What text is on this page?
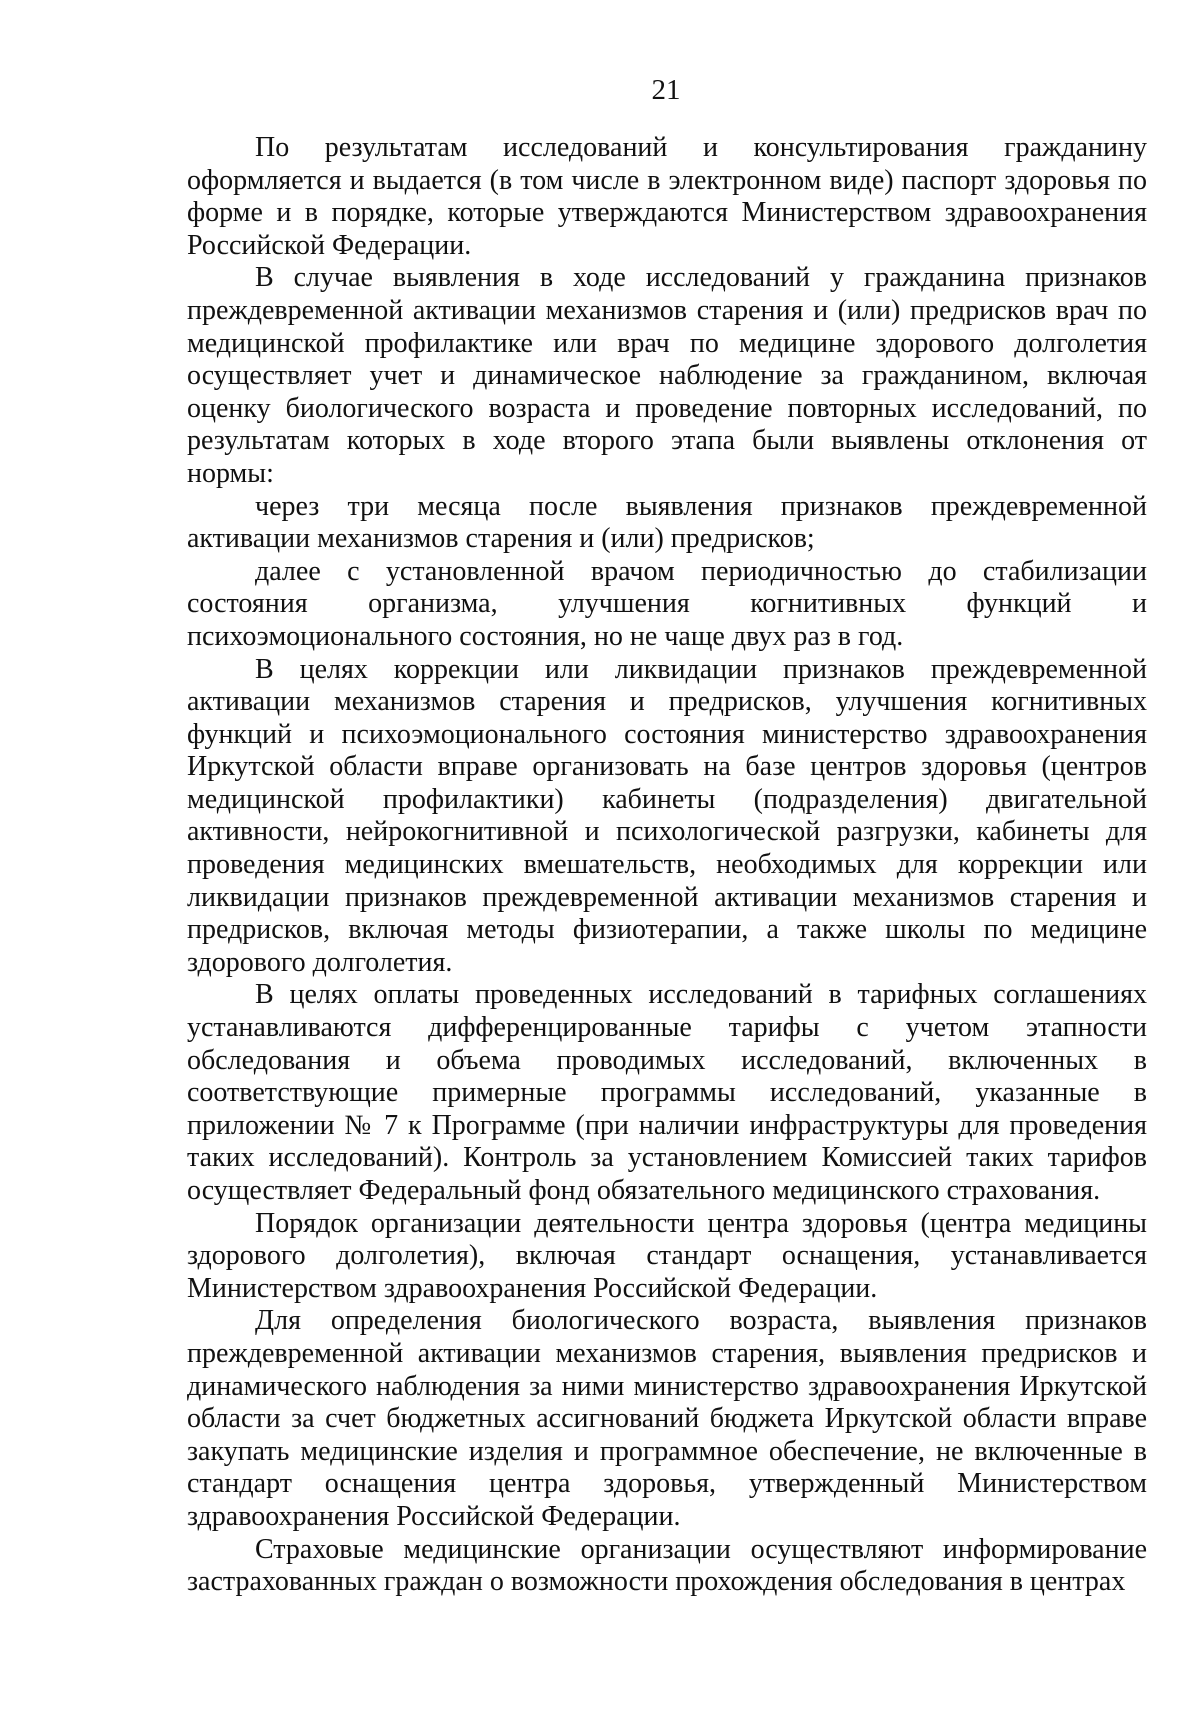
21

По результатам исследований и консультирования гражданину оформляется и выдается (в том числе в электронном виде) паспорт здоровья по форме и в порядке, которые утверждаются Министерством здравоохранения Российской Федерации.

В случае выявления в ходе исследований у гражданина признаков преждевременной активации механизмов старения и (или) предрисков врач по медицинской профилактике или врач по медицине здорового долголетия осуществляет учет и динамическое наблюдение за гражданином, включая оценку биологического возраста и проведение повторных исследований, по результатам которых в ходе второго этапа были выявлены отклонения от нормы:

через три месяца после выявления признаков преждевременной активации механизмов старения и (или) предрисков;

далее с установленной врачом периодичностью до стабилизации состояния организма, улучшения когнитивных функций и психоэмоционального состояния, но не чаще двух раз в год.

В целях коррекции или ликвидации признаков преждевременной активации механизмов старения и предрисков, улучшения когнитивных функций и психоэмоционального состояния министерство здравоохранения Иркутской области вправе организовать на базе центров здоровья (центров медицинской профилактики) кабинеты (подразделения) двигательной активности, нейрокогнитивной и психологической разгрузки, кабинеты для проведения медицинских вмешательств, необходимых для коррекции или ликвидации признаков преждевременной активации механизмов старения и предрисков, включая методы физиотерапии, а также школы по медицине здорового долголетия.

В целях оплаты проведенных исследований в тарифных соглашениях устанавливаются дифференцированные тарифы с учетом этапности обследования и объема проводимых исследований, включенных в соответствующие примерные программы исследований, указанные в приложении № 7 к Программе (при наличии инфраструктуры для проведения таких исследований). Контроль за установлением Комиссией таких тарифов осуществляет Федеральный фонд обязательного медицинского страхования.

Порядок организации деятельности центра здоровья (центра медицины здорового долголетия), включая стандарт оснащения, устанавливается Министерством здравоохранения Российской Федерации.

Для определения биологического возраста, выявления признаков преждевременной активации механизмов старения, выявления предрисков и динамического наблюдения за ними министерство здравоохранения Иркутской области за счет бюджетных ассигнований бюджета Иркутской области вправе закупать медицинские изделия и программное обеспечение, не включенные в стандарт оснащения центра здоровья, утвержденный Министерством здравоохранения Российской Федерации.

Страховые медицинские организации осуществляют информирование застрахованных граждан о возможности прохождения обследования в центрах
